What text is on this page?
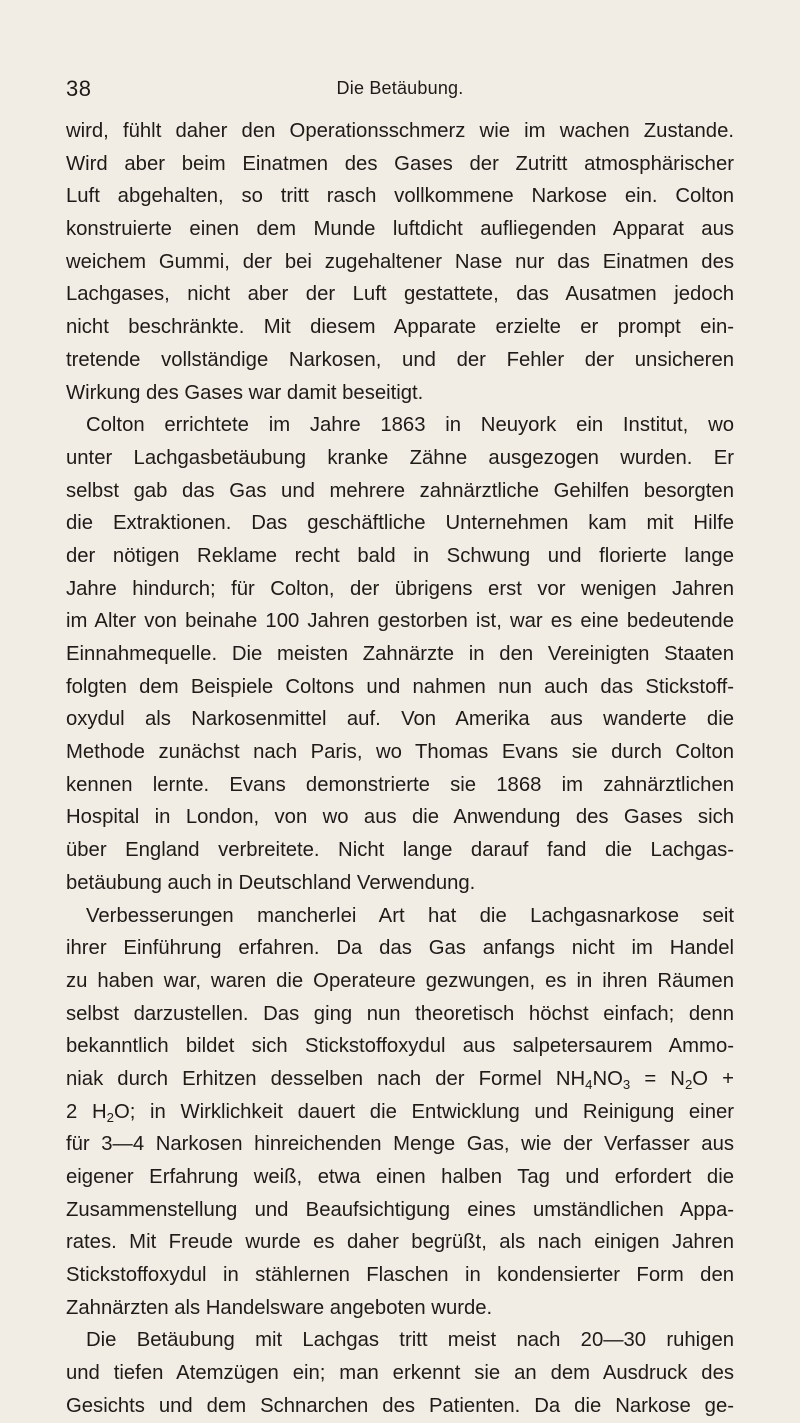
38	Die Betäubung.
wird, fühlt daher den Operationsschmerz wie im wachen Zustande.
Wird aber beim Einatmen des Gases der Zutritt atmosphärischer
Luft abgehalten, so tritt rasch vollkommene Narkose ein. Colton
konstruierte einen dem Munde luftdicht aufliegenden Apparat aus
weichem Gummi, der bei zugehaltener Nase nur das Einatmen des
Lachgases, nicht aber der Luft gestattete, das Ausatmen jedoch
nicht beschränkte. Mit diesem Apparate erzielte er prompt ein-
tretende vollständige Narkosen, und der Fehler der unsicheren
Wirkung des Gases war damit beseitigt.
Colton errichtete im Jahre 1863 in Neuyork ein Institut, wo
unter Lachgasbetäubung kranke Zähne ausgezogen wurden. Er
selbst gab das Gas und mehrere zahnärztliche Gehilfen besorgten
die Extraktionen. Das geschäftliche Unternehmen kam mit Hilfe
der nötigen Reklame recht bald in Schwung und florierte lange
Jahre hindurch; für Colton, der übrigens erst vor wenigen Jahren
im Alter von beinahe 100 Jahren gestorben ist, war es eine bedeutende
Einnahmequelle. Die meisten Zahnärzte in den Vereinigten Staaten
folgten dem Beispiele Coltons und nahmen nun auch das Stickstoff-
oxydul als Narkosenmittel auf. Von Amerika aus wanderte die
Methode zunächst nach Paris, wo Thomas Evans sie durch Colton
kennen lernte. Evans demonstrierte sie 1868 im zahnärztlichen
Hospital in London, von wo aus die Anwendung des Gases sich
über England verbreitete. Nicht lange darauf fand die Lachgas-
betäubung auch in Deutschland Verwendung.
Verbesserungen mancherlei Art hat die Lachgasnarkose seit
ihrer Einführung erfahren. Da das Gas anfangs nicht im Handel
zu haben war, waren die Operateure gezwungen, es in ihren Räumen
selbst darzustellen. Das ging nun theoretisch höchst einfach; denn
bekanntlich bildet sich Stickstoffoxydul aus salpetersaurem Ammo-
niak durch Erhitzen desselben nach der Formel $NH_4NO_3 = N_2O$ +
2 $H_2O$; in Wirklichkeit dauert die Entwicklung und Reinigung einer
für 3—4 Narkosen hinreichenden Menge Gas, wie der Verfasser aus
eigener Erfahrung weiß, etwa einen halben Tag und erfordert die
Zusammenstellung und Beaufsichtigung eines umständlichen Appa-
rates. Mit Freude wurde es daher begrüßt, als nach einigen Jahren
Stickstoffoxydul in stählernen Flaschen in kondensierter Form den
Zahnärzten als Handelsware angeboten wurde.
Die Betäubung mit Lachgas tritt meist nach 20—30 ruhigen
und tiefen Atemzügen ein; man erkennt sie an dem Ausdruck des
Gesichts und dem Schnarchen des Patienten. Da die Narkose ge-
